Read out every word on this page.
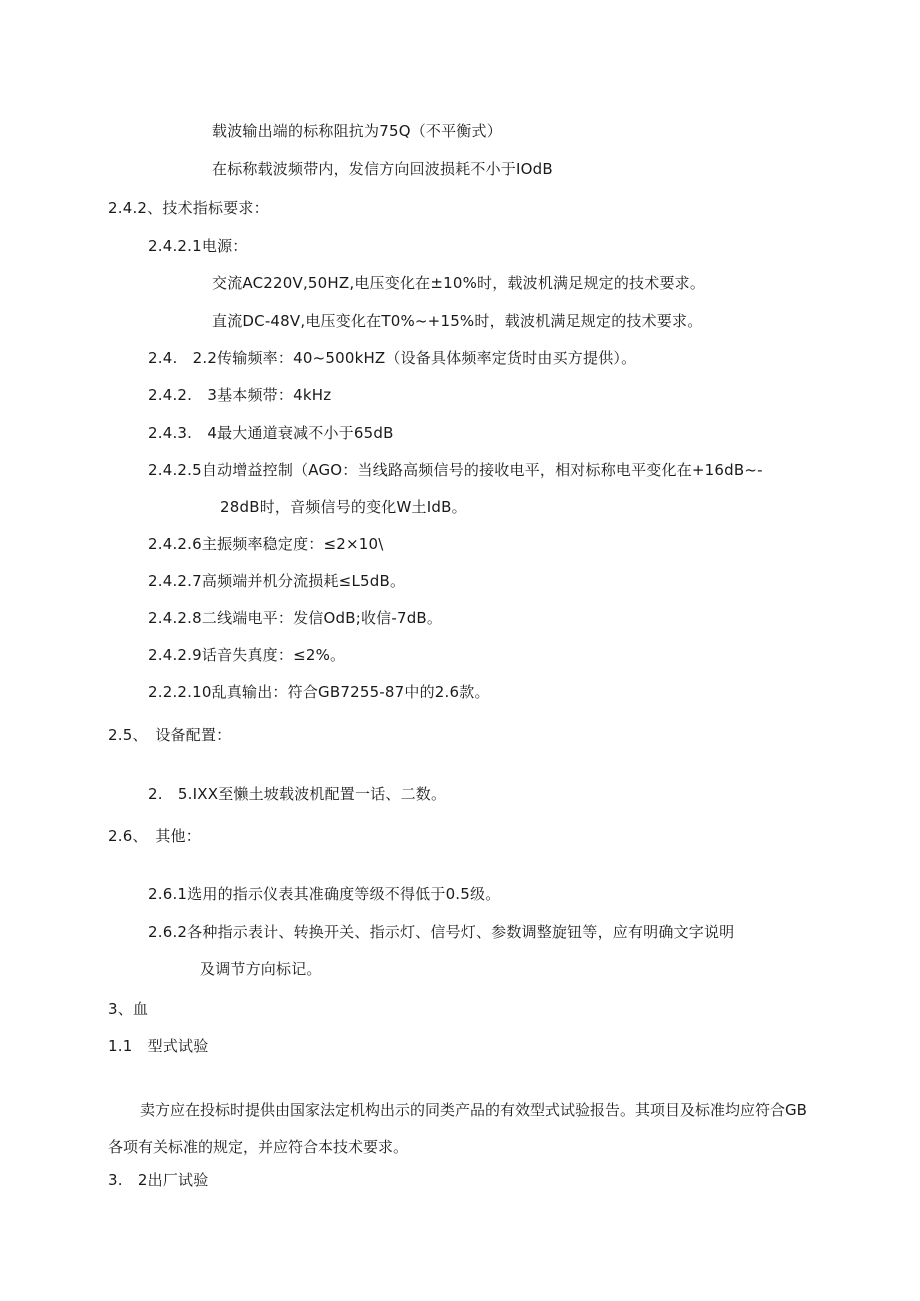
载波输出端的标称阻抗为75Q（不平衡式）
在标称载波频带内，发信方向回波损耗不小于IOdB
2.4.2、技术指标要求：
2.4.2.1电源：
交流AC220V,50HZ,电压变化在±10%时，载波机满足规定的技术要求。
直流DC-48V,电压变化在T0%~+15%时，载波机满足规定的技术要求。
2.4.　2.2传输频率：40~500kHZ（设备具体频率定货时由买方提供）。
2.4.2.　3基本频带：4kHz
2.4.3.　4最大通道衰减不小于65dB
2.4.2.5自动增益控制（AGO：当线路高频信号的接收电平，相对标称电平变化在+16dB~-
28dB时，音频信号的变化W土IdB。
2.4.2.6主振频率稳定度：≤2×10\
2.4.2.7高频端并机分流损耗≤L5dB。
2.4.2.8二线端电平：发信OdB;收信-7dB。
2.4.2.9话音失真度：≤2%。
2.2.2.10乱真输出：符合GB7255-87中的2.6款。
2.5、　设备配置：
2.　5.IXX至懒土坡载波机配置一话、二数。
2.6、　其他：
2.6.1选用的指示仪表其准确度等级不得低于0.5级。
2.6.2各种指示表计、转换开关、指示灯、信号灯、参数调整旋钮等，应有明确文字说明
及调节方向标记。
3、血
1.1　型式试验
卖方应在投标时提供由国家法定机构出示的同类产品的有效型式试验报告。其项目及标准均应符合GB各项有关标准的规定，并应符合本技术要求。
3.　2出厂试验
